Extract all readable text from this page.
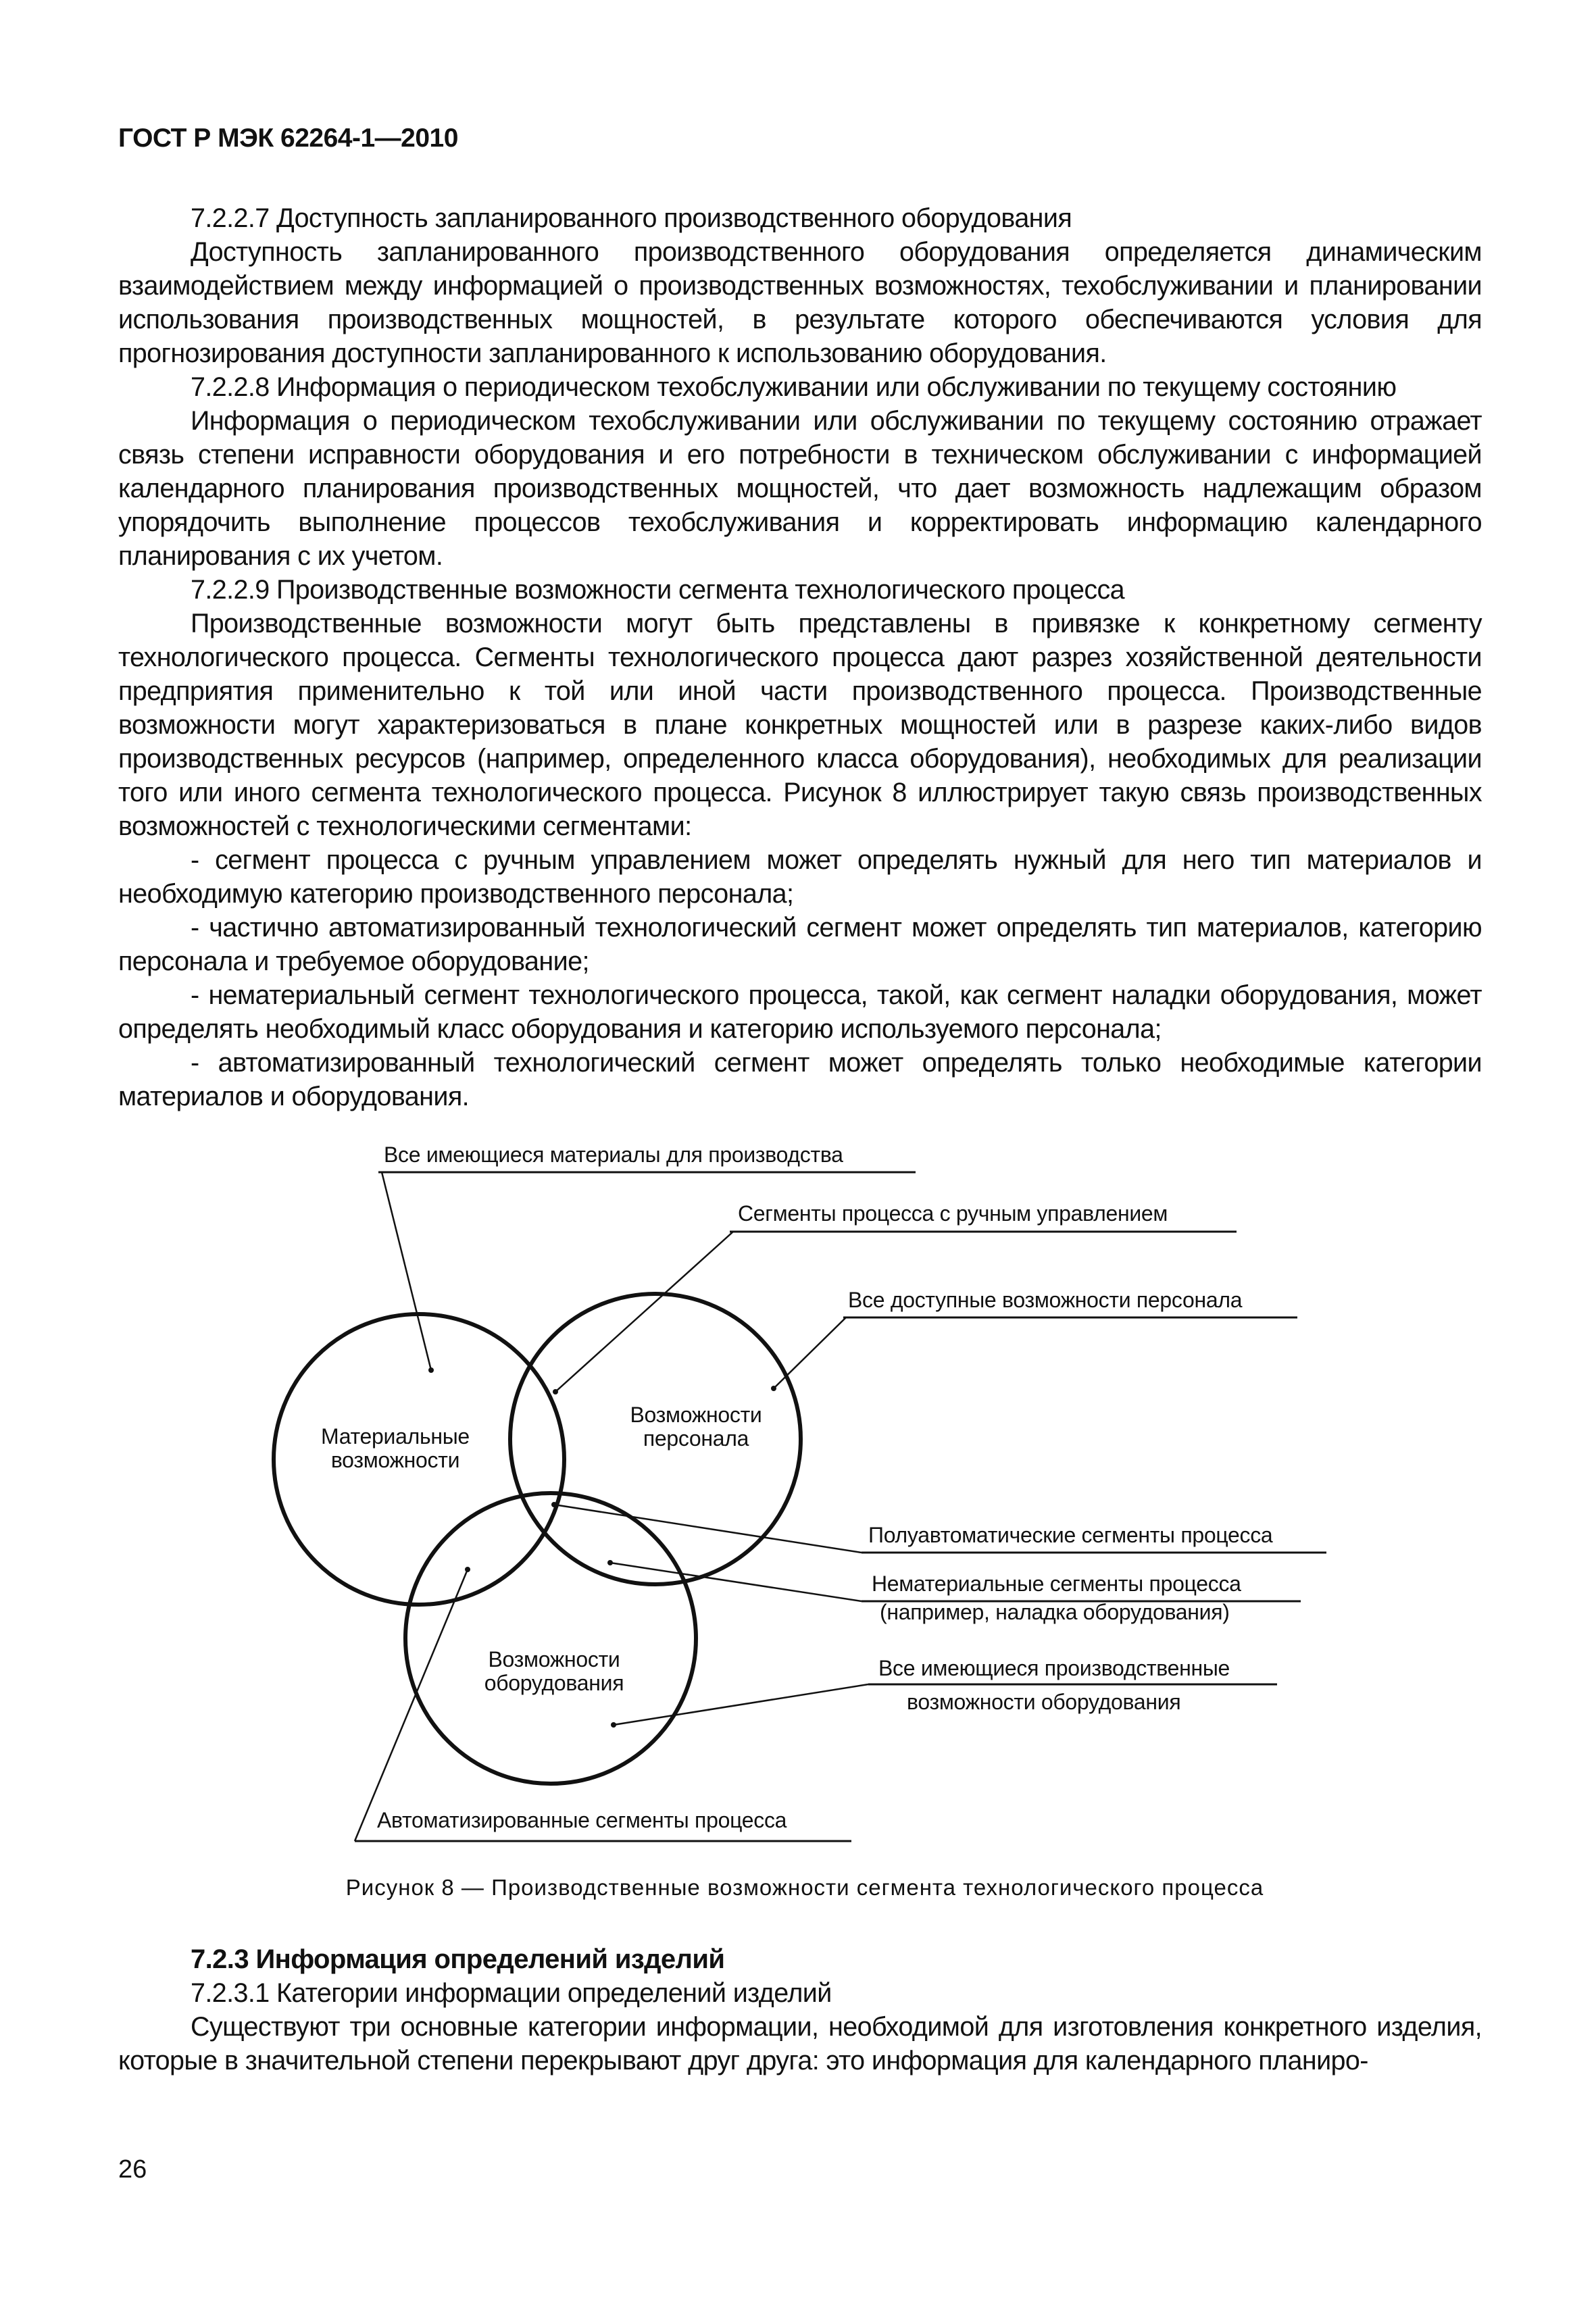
ГОСТ Р МЭК 62264-1—2010

7.2.2.7 Доступность запланированного производственного оборудования

Доступность запланированного производственного оборудования определяется динамическим взаимодействием между информацией о производственных возможностях, техобслуживании и планировании использования производственных мощностей, в результате которого обеспечиваются условия для прогнозирования доступности запланированного к использованию оборудования.

7.2.2.8 Информация о периодическом техобслуживании или обслуживании по текущему состоянию

Информация о периодическом техобслуживании или обслуживании по текущему состоянию отражает связь степени исправности оборудования и его потребности в техническом обслуживании с информацией календарного планирования производственных мощностей, что дает возможность надлежащим образом упорядочить выполнение процессов техобслуживания и корректировать информацию календарного планирования с их учетом.

7.2.2.9 Производственные возможности сегмента технологического процесса

Производственные возможности могут быть представлены в привязке к конкретному сегменту технологического процесса. Сегменты технологического процесса дают разрез хозяйственной деятельности предприятия применительно к той или иной части производственного процесса. Производственные возможности могут характеризоваться в плане конкретных мощностей или в разрезе каких-либо видов производственных ресурсов (например, определенного класса оборудования), необходимых для реализации того или иного сегмента технологического процесса. Рисунок 8 иллюстрирует такую связь производственных возможностей с технологическими сегментами:

- сегмент процесса с ручным управлением может определять нужный для него тип материалов и необходимую категорию производственного персонала;

- частично автоматизированный технологический сегмент может определять тип материалов, категорию персонала и требуемое оборудование;

- нематериальный сегмент технологического процесса, такой, как сегмент наладки оборудования, может определять необходимый класс оборудования и категорию используемого персонала;

- автоматизированный технологический сегмент может определять только необходимые категории материалов и оборудования.

Материальные
возможности
Возможности
персонала
Возможности
оборудования
Все имеющиеся материалы для производства
Сегменты процесса с ручным управлением
Все доступные возможности персонала
Полуавтоматические сегменты процесса
Нематериальные сегменты процесса
(например, наладка оборудования)
Все имеющиеся производственные
возможности оборудования
Автоматизированные сегменты процесса
Рисунок 8 — Производственные возможности сегмента технологического процесса

7.2.3 Информация определений изделий

7.2.3.1 Категории информации определений изделий

Существуют три основные категории информации, необходимой для изготовления конкретного изделия, которые в значительной степени перекрывают друг друга: это информация для календарного планиро-

26
